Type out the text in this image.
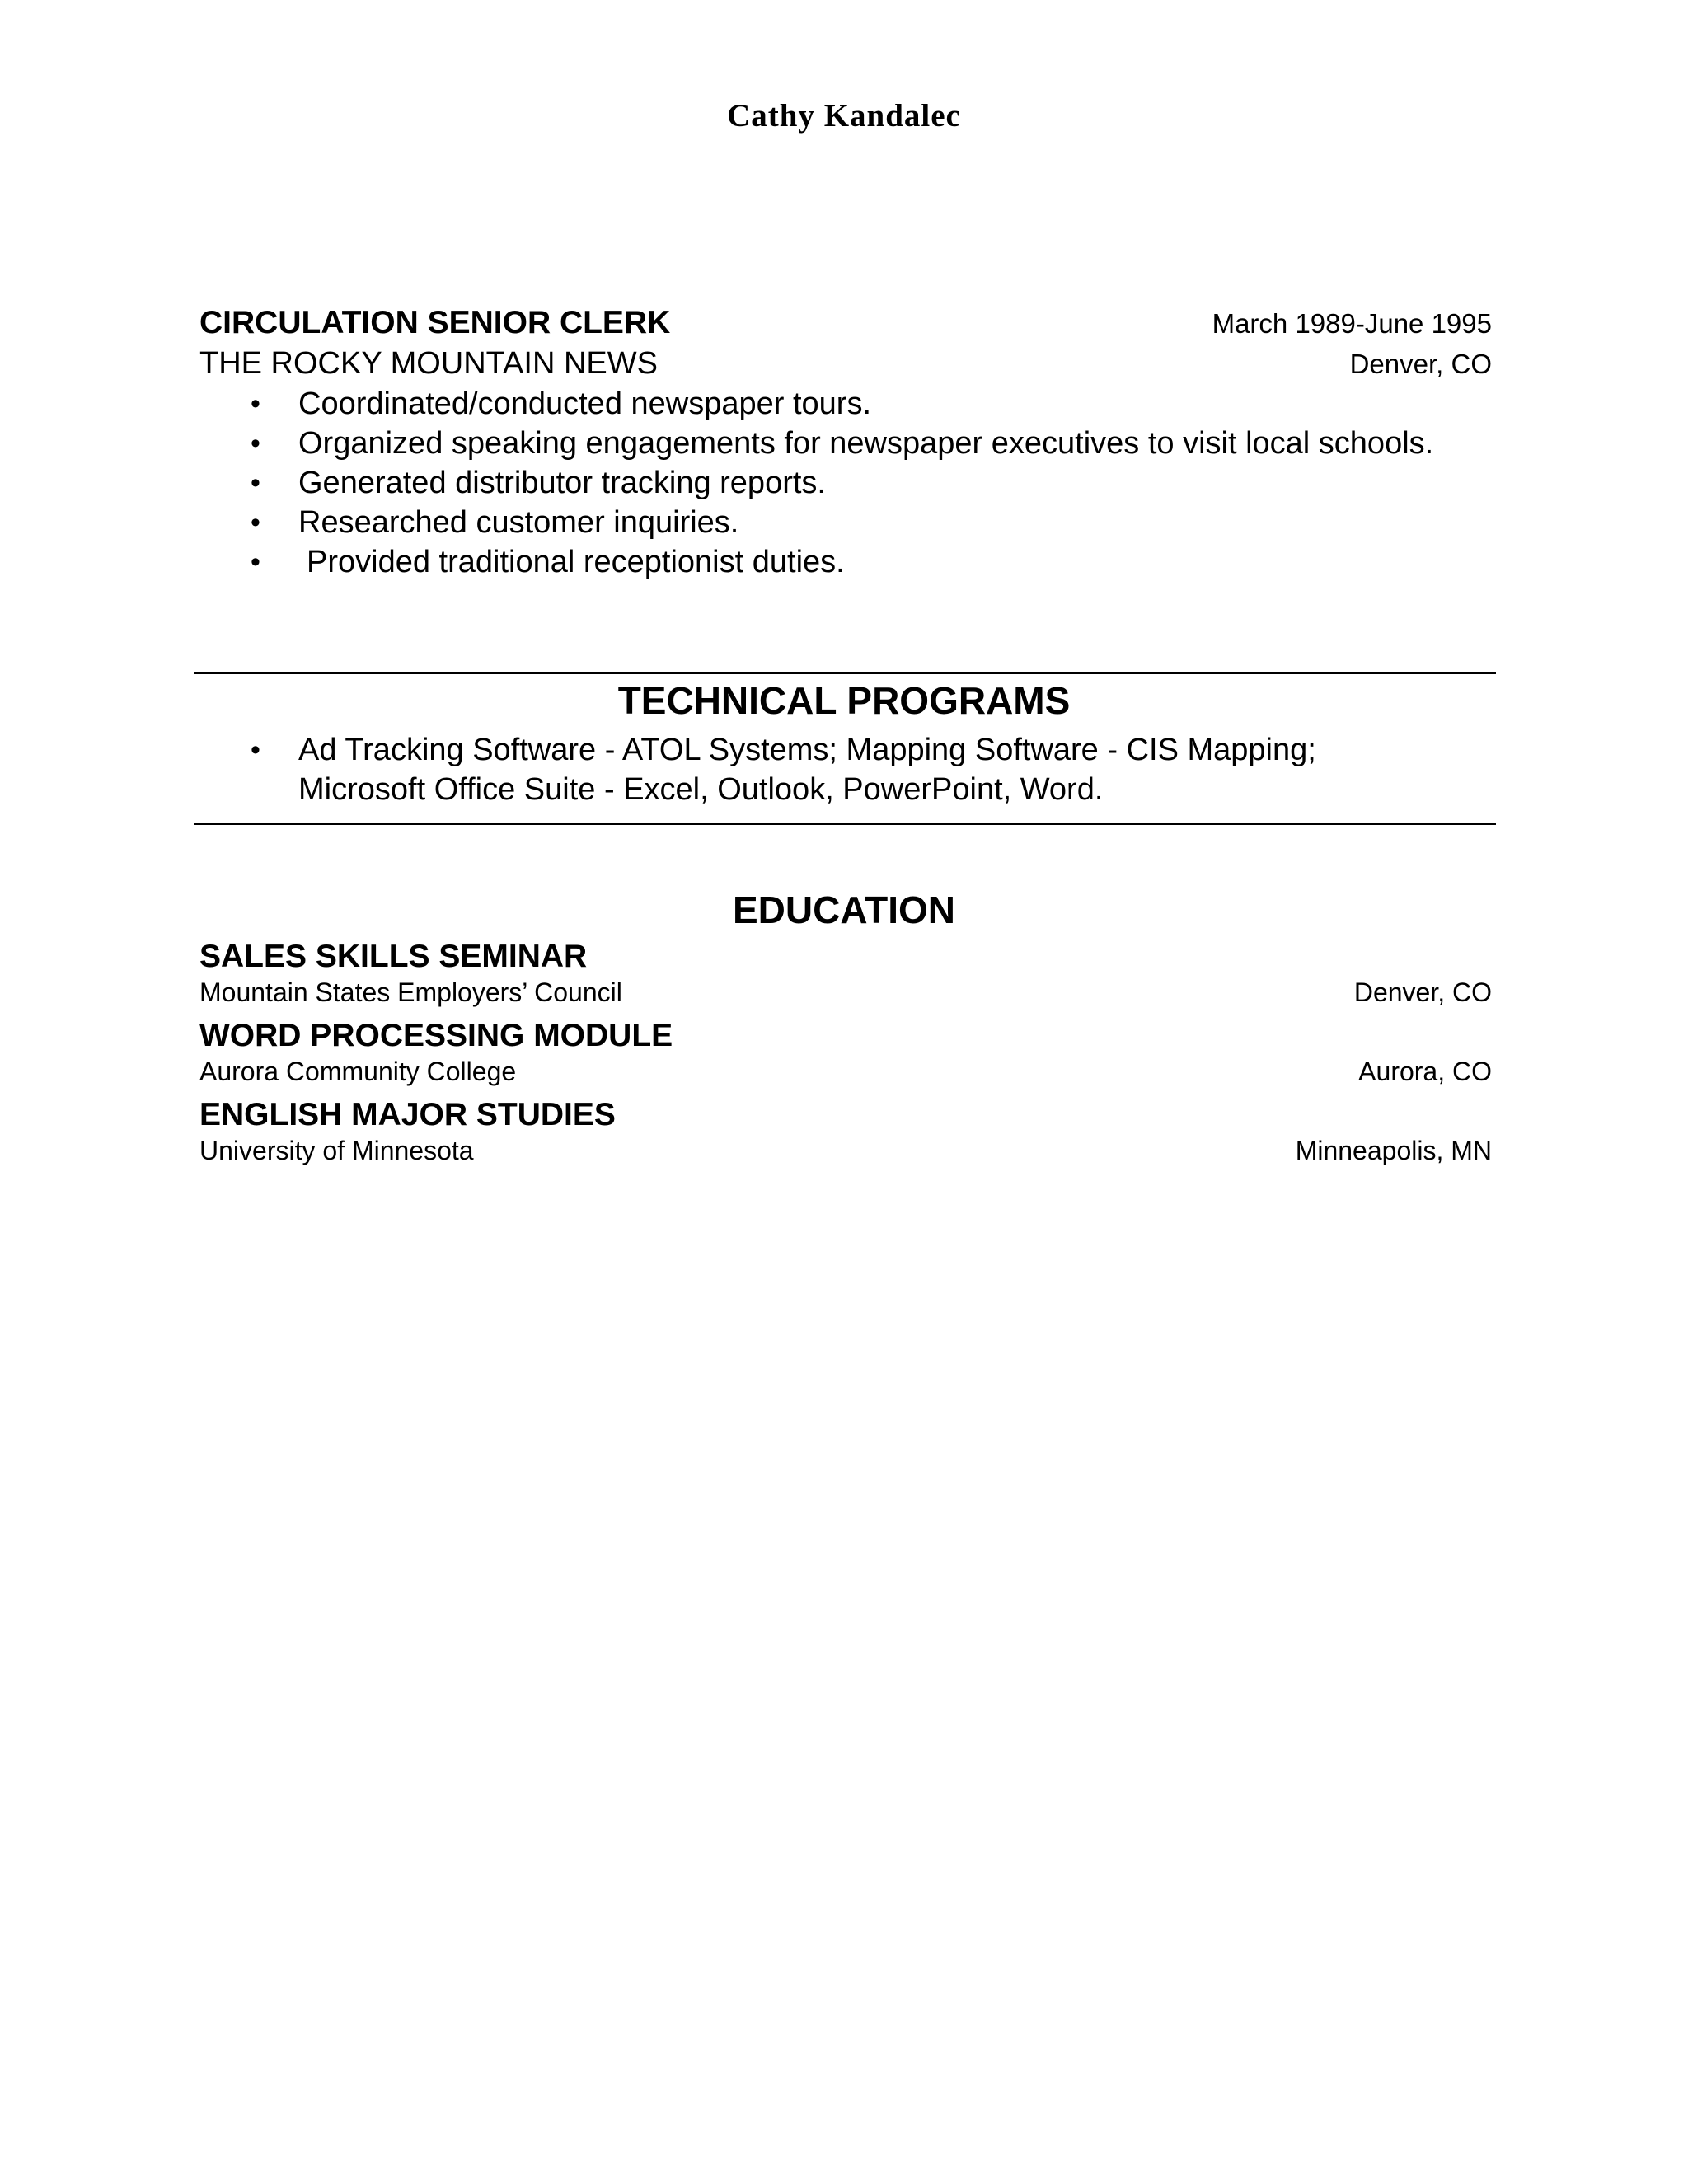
Cathy Kandalec
CIRCULATION SENIOR CLERK	March 1989-June 1995
THE ROCKY MOUNTAIN NEWS	Denver, CO
• Coordinated/conducted newspaper tours.
• Organized speaking engagements for newspaper executives to visit local schools.
• Generated distributor tracking reports.
• Researched customer inquiries.
• Provided traditional receptionist duties.
TECHNICAL PROGRAMS
• Ad Tracking Software - ATOL Systems; Mapping Software - CIS Mapping; Microsoft Office Suite - Excel, Outlook, PowerPoint, Word.
EDUCATION
SALES SKILLS SEMINAR
Mountain States Employers’ Council	Denver, CO
WORD PROCESSING MODULE
Aurora Community College	Aurora, CO
ENGLISH MAJOR STUDIES
University of Minnesota	Minneapolis, MN
